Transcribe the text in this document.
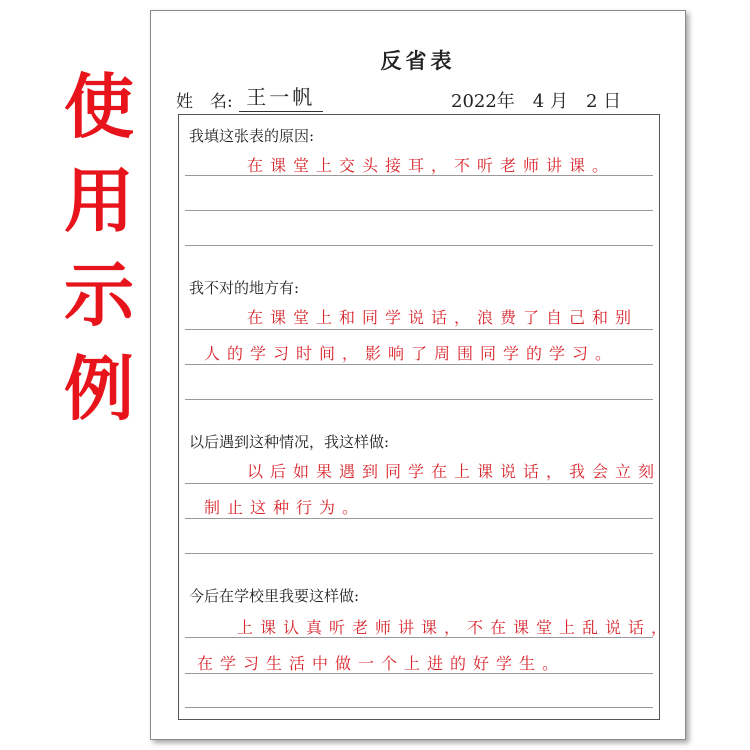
使
用
示
例
反省表
姓　名: 王一帆	2022年　4 月　2 日
我填这张表的原因:
在课堂上交头接耳，不听老师讲课。
我不对的地方有:
在课堂上和同学说话，浪费了自己和别
人的学习时间，影响了周围同学的学习。
以后遇到这种情况，我这样做:
以后如果遇到同学在上课说话，我会立刻
制止这种行为。
今后在学校里我要这样做:
上课认真听老师讲课，不在课堂上乱说话，
在学习生活中做一个上进的好学生。
